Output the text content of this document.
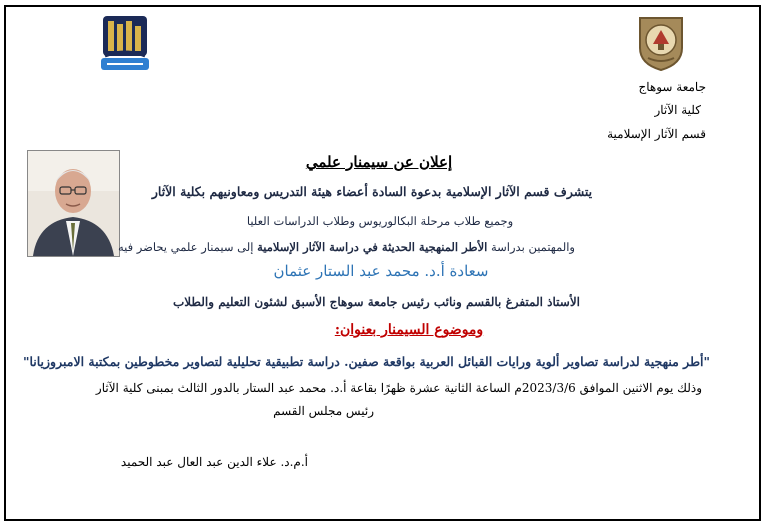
جامعة سوهاج
كلية الآثار
قسم الآثار الإسلامية
إعلان عن سيمنار علمي
يتشرف قسم الآثار الإسلامية بدعوة السادة أعضاء هيئة التدريس ومعاونيهم بكلية الآثار
وجميع طلاب مرحلة البكالوريوس وطلاب الدراسات العليا
والمهتمين بدراسة الأطر المنهجية الحديثة في دراسة الآثار الإسلامية إلى سيمنار علمي يحاضر فيه
سعادة أ.د. محمد عبد الستار عثمان
الأستاذ المتفرغ بالقسم ونائب رئيس جامعة سوهاج الأسبق لشئون التعليم والطلاب
وموضوع السيمنار بعنوان:
"أطر منهجية لدراسة تصاوير ألوية ورايات القبائل العربية بواقعة صفين. دراسة تطبيقية تحليلية لتصاوير مخطوطين بمكتبة الامبروزيانا"
وذلك يوم الاثنين الموافق 2023/3/6م الساعة الثانية عشرة ظهرًا بقاعة أ.د. محمد عبد الستار بالدور الثالث بمبنى كلية الآثار
رئيس مجلس القسم
أ.م.د. علاء الدين عبد العال عبد الحميد
